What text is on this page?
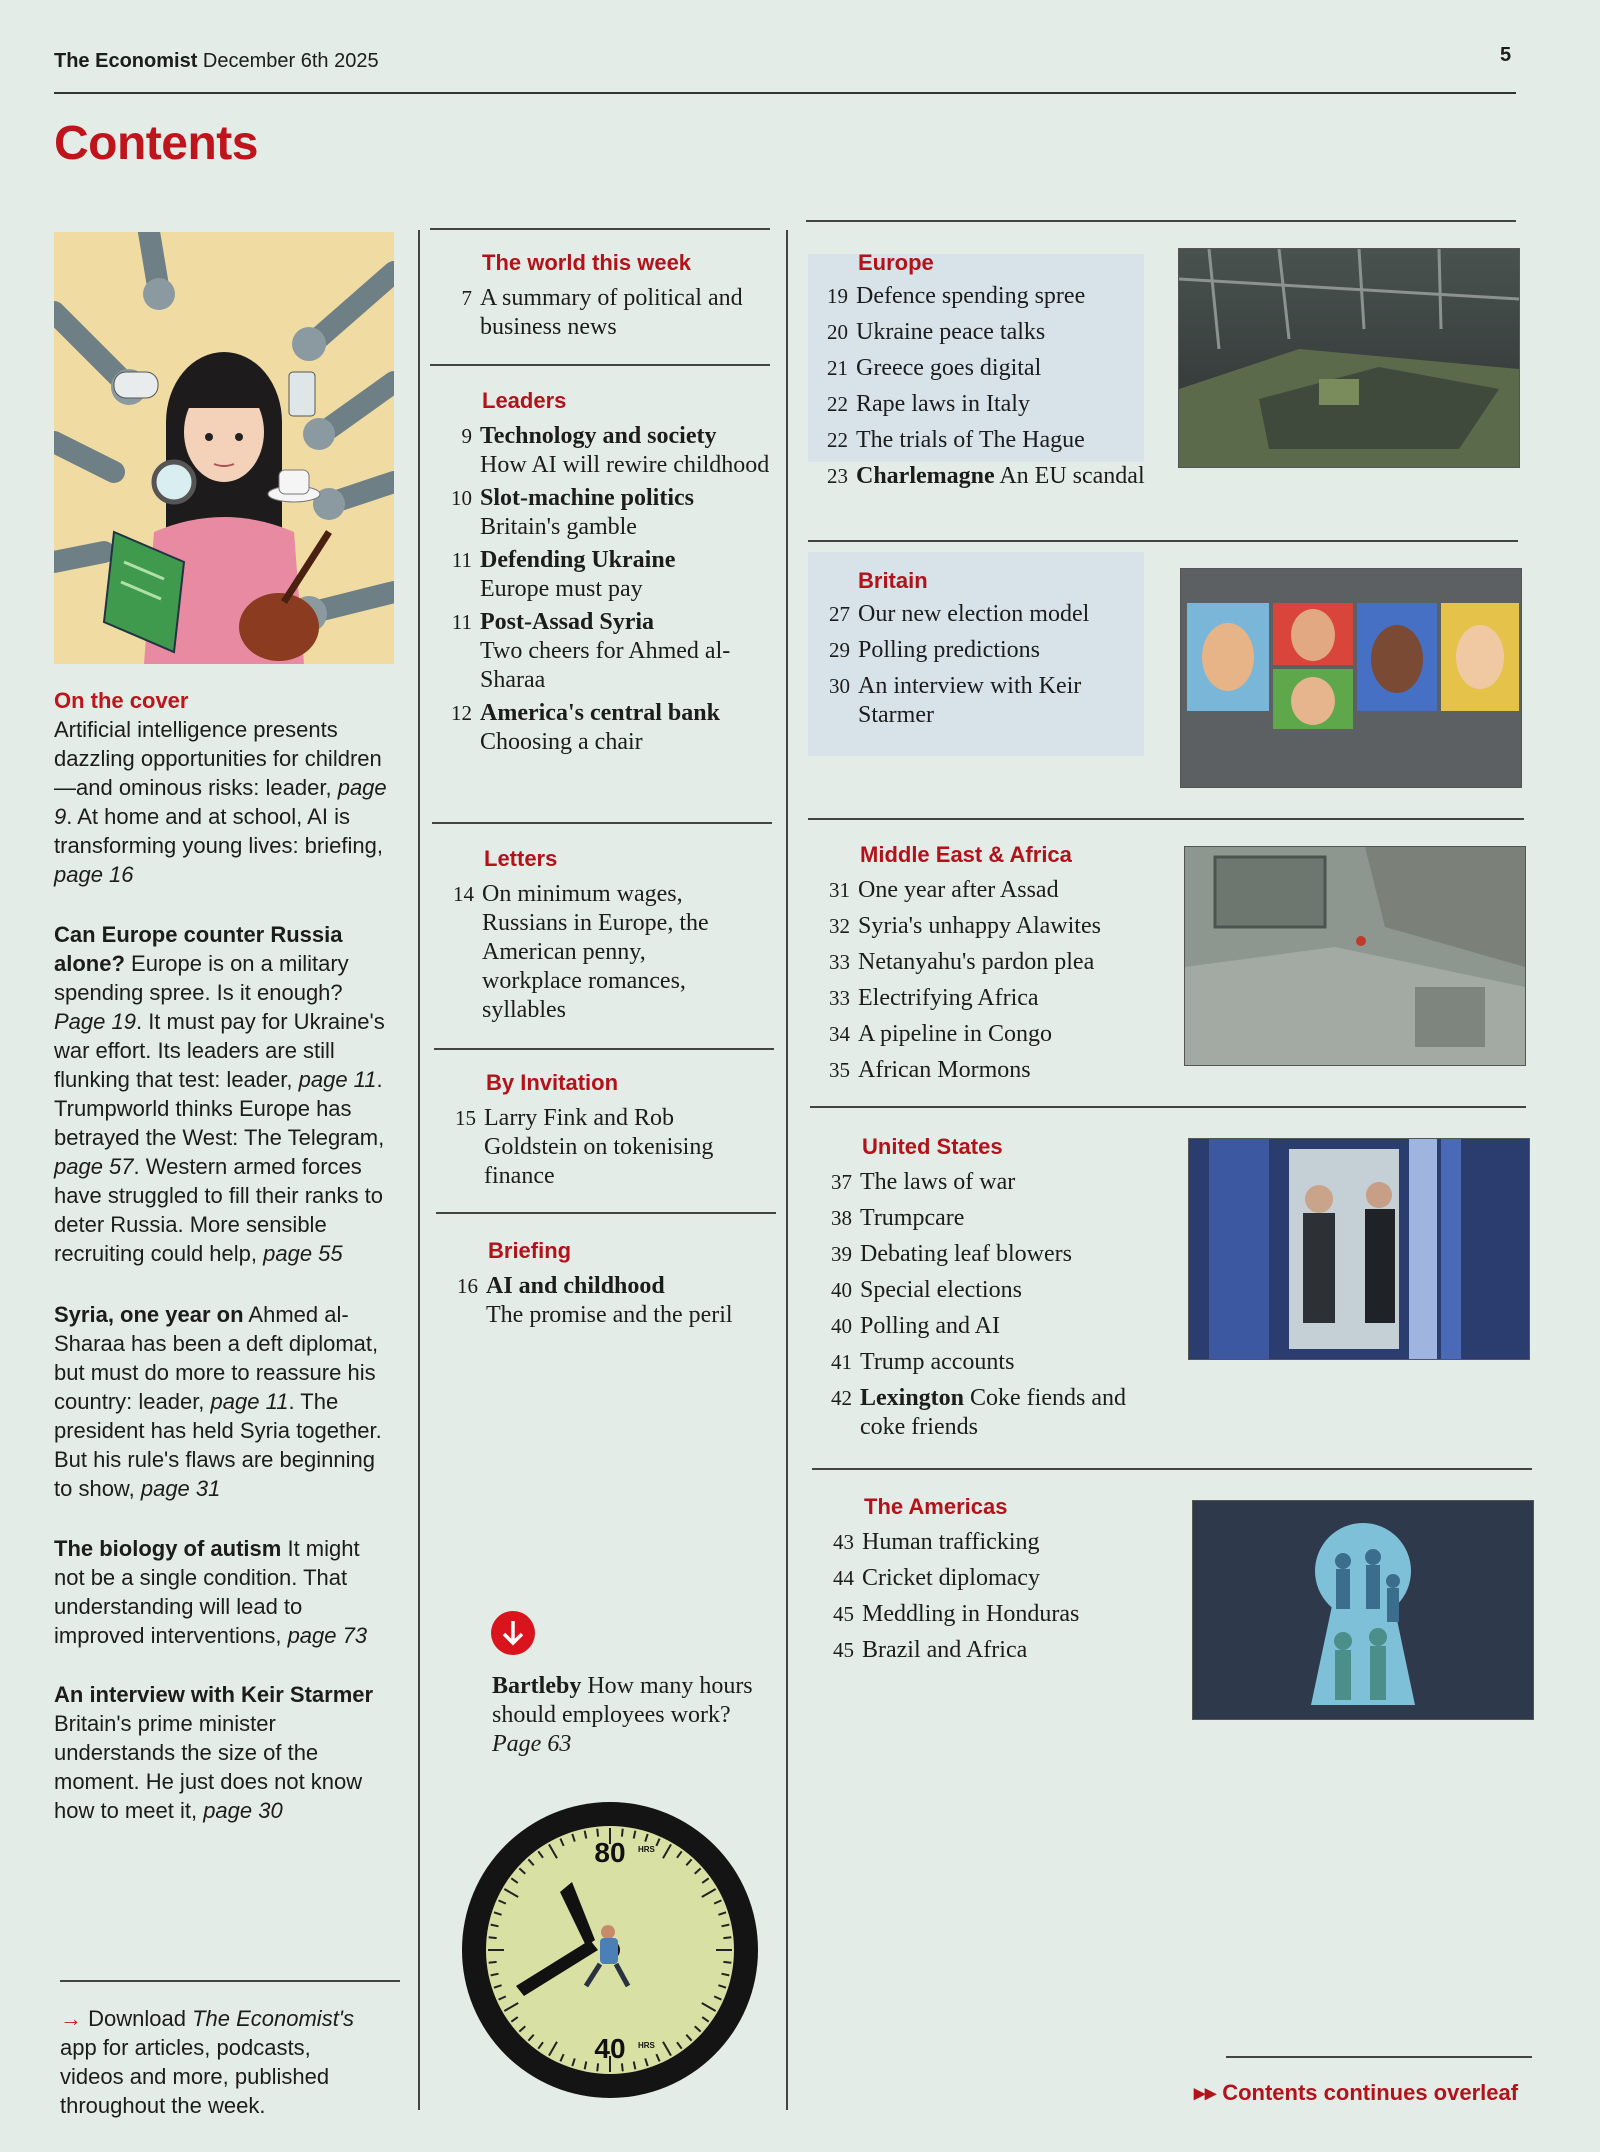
The Economist December 6th 2025	5
Contents
On the cover
Artificial intelligence presents dazzling opportunities for children—and ominous risks: leader, page 9. At home and at school, AI is transforming young lives: briefing, page 16
Can Europe counter Russia alone? Europe is on a military spending spree. Is it enough? Page 19. It must pay for Ukraine's war effort. Its leaders are still flunking that test: leader, page 11. Trumpworld thinks Europe has betrayed the West: The Telegram, page 57. Western armed forces have struggled to fill their ranks to deter Russia. More sensible recruiting could help, page 55
Syria, one year on Ahmed al-Sharaa has been a deft diplomat, but must do more to reassure his country: leader, page 11. The president has held Syria together. But his rule's flaws are beginning to show, page 31
The biology of autism It might not be a single condition. That understanding will lead to improved interventions, page 73
An interview with Keir Starmer Britain's prime minister understands the size of the moment. He just does not know how to meet it, page 30
→ Download The Economist's app for articles, podcasts, videos and more, published throughout the week.
The world this week
7 A summary of political and business news
Leaders
9 Technology and society
How AI will rewire childhood
10 Slot-machine politics
Britain's gamble
11 Defending Ukraine
Europe must pay
11 Post-Assad Syria
Two cheers for Ahmed al-Sharaa
12 America's central bank
Choosing a chair
Letters
14 On minimum wages, Russians in Europe, the American penny, workplace romances, syllables
By Invitation
15 Larry Fink and Rob Goldstein on tokenising finance
Briefing
16 AI and childhood
The promise and the peril
Bartleby How many hours should employees work? Page 63
80 HRS
40 HRS
Europe
19 Defence spending spree
20 Ukraine peace talks
21 Greece goes digital
22 Rape laws in Italy
22 The trials of The Hague
23 Charlemagne An EU scandal
Britain
27 Our new election model
29 Polling predictions
30 An interview with Keir Starmer
Middle East & Africa
31 One year after Assad
32 Syria's unhappy Alawites
33 Netanyahu's pardon plea
33 Electrifying Africa
34 A pipeline in Congo
35 African Mormons
United States
37 The laws of war
38 Trumpcare
39 Debating leaf blowers
40 Special elections
40 Polling and AI
41 Trump accounts
42 Lexington Coke fiends and coke friends
The Americas
43 Human trafficking
44 Cricket diplomacy
45 Meddling in Honduras
45 Brazil and Africa
▸▸ Contents continues overleaf
